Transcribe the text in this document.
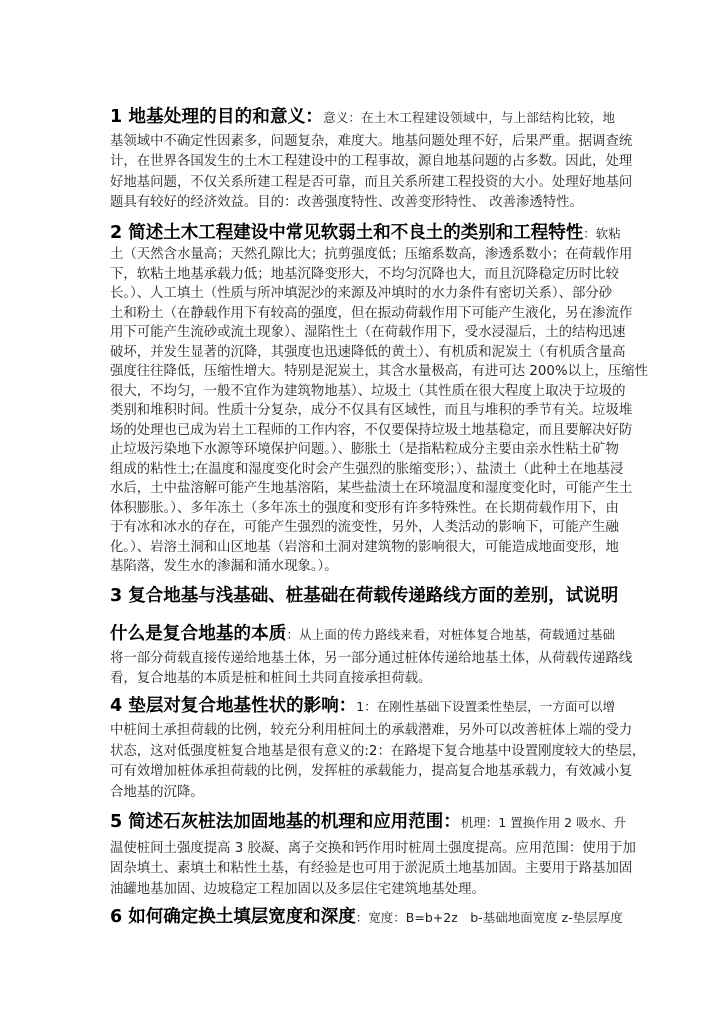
1 地基处理的目的和意义：意义：在土木工程建设领域中，与上部结构比较，地
基领域中不确定性因素多，问题复杂，难度大。地基问题处理不好，后果严重。据调查统
计，在世界各国发生的土木工程建设中的工程事故，源自地基问题的占多数。因此，处理
好地基问题，不仅关系所建工程是否可靠，而且关系所建工程投资的大小。处理好地基问
题具有较好的经济效益。目的：改善强度特性、改善变形特性、 改善渗透特性。
2 简述土木工程建设中常见软弱土和不良土的类别和工程特性：软粘
土（天然含水量高；天然孔隙比大；抗剪强度低；压缩系数高，渗透系数小；在荷载作用
下，软粘土地基承载力低；地基沉降变形大，不均匀沉降也大，而且沉降稳定历时比较
长。）、人工填土（性质与所冲填泥沙的来源及冲填时的水力条件有密切关系）、部分砂
土和粉土（在静载作用下有较高的强度，但在振动荷载作用下可能产生液化，另在渗流作
用下可能产生流砂或流土现象）、湿陷性土（在荷载作用下，受水浸湿后，土的结构迅速
破坏，并发生显著的沉降，其强度也迅速降低的黄土）、有机质和泥炭土（有机质含量高
强度往往降低，压缩性增大。特别是泥炭土，其含水量极高，有进可达 200%以上，压缩性
很大，不均匀，一般不宜作为建筑物地基）、垃圾土（其性质在很大程度上取决于垃圾的
类别和堆积时间。性质十分复杂，成分不仅具有区域性，而且与堆积的季节有关。垃圾堆
场的处理也已成为岩土工程师的工作内容，不仅要保持垃圾土地基稳定，而且要解决好防
止垃圾污染地下水源等环境保护问题。）、膨胀土（是指粘粒成分主要由亲水性粘土矿物
组成的粘性土;在温度和湿度变化时会产生强烈的胀缩变形；）、盐渍土（此种土在地基浸
水后，土中盐溶解可能产生地基溶陷，某些盐渍土在环境温度和湿度变化时，可能产生土
体积膨胀。）、多年冻土（多年冻土的强度和变形有许多特殊性。在长期荷载作用下，由
于有冰和冰水的存在，可能产生强烈的流变性，另外，人类活动的影响下，可能产生融
化。）、岩溶土洞和山区地基（岩溶和土洞对建筑物的影响很大，可能造成地面变形，地
基陷落，发生水的渗漏和涌水现象。）。
3 复合地基与浅基础、桩基础在荷载传递路线方面的差别，试说明
什么是复合地基的本质：从上面的传力路线来看，对桩体复合地基，荷载通过基础
将一部分荷载直接传递给地基土体，另一部分通过桩体传递给地基土体，从荷载传递路线
看，复合地基的本质是桩和桩间土共同直接承担荷载。
4 垫层对复合地基性状的影响：1：在刚性基础下设置柔性垫层，一方面可以增
中桩间土承担荷载的比例，较充分利用桩间土的承载潜难，另外可以改善桩体上端的受力
状态，这对低强度桩复合地基是很有意义的:2：在路堤下复合地基中设置刚度较大的垫层，
可有效增加桩体承担荷载的比例，发挥桩的承载能力，提高复合地基承载力，有效减小复
合地基的沉降。
5 简述石灰桩法加固地基的机理和应用范围：机理：1 置换作用 2 吸水、升
温使桩间土强度提高 3 胶凝、离子交换和钙作用时桩周土强度提高。应用范围：使用于加
固杂填土、素填土和粘性土基，有经验是也可用于淤泥质土地基加固。主要用于路基加固
油罐地基加固、边坡稳定工程加固以及多层住宅建筑地基处理。
6 如何确定换土填层宽度和深度：宽度：B=b+2z　b-基础地面宽度 z-垫层厚度
